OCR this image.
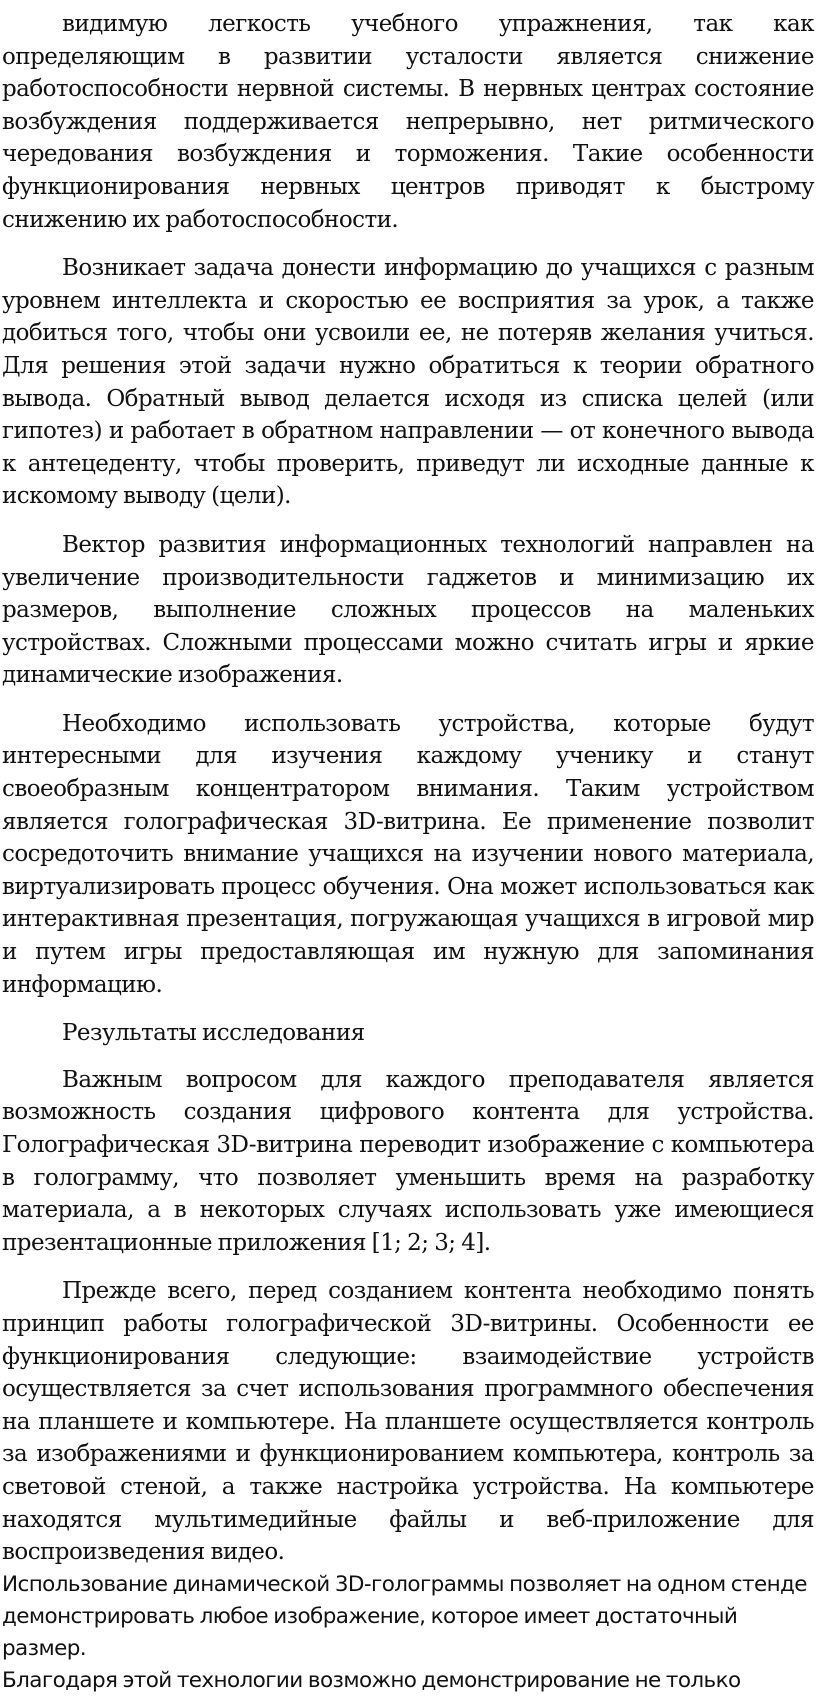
видимую легкость учебного упражнения, так как определяющим в развитии усталости является снижение работоспособности нервной системы. В нервных центрах состояние возбуждения поддерживается непрерывно, нет ритмического чередования возбуждения и торможения. Такие особенности функционирования нервных центров приводят к быстрому снижению их работоспособности.

Возникает задача донести информацию до учащихся с разным уровнем интеллекта и скоростью ее восприятия за урок, а также добиться того, чтобы они усвоили ее, не потеряв желания учиться. Для решения этой задачи нужно обратиться к теории обратного вывода. Обратный вывод делается исходя из списка целей (или гипотез) и работает в обратном направлении — от конечного вывода к антецеденту, чтобы проверить, приведут ли исходные данные к искомому выводу (цели).

Вектор развития информационных технологий направлен на увеличение производительности гаджетов и минимизацию их размеров, выполнение сложных процессов на маленьких устройствах. Сложными процессами можно считать игры и яркие динамические изображения.

Необходимо использовать устройства, которые будут интересными для изучения каждому ученику и станут своеобразным концентратором внимания. Таким устройством является голографическая 3D-витрина. Ее применение позволит сосредоточить внимание учащихся на изучении нового материала, виртуализировать процесс обучения. Она может использоваться как интерактивная презентация, погружающая учащихся в игровой мир и путем игры предоставляющая им нужную для запоминания информацию.

Результаты исследования

Важным вопросом для каждого преподавателя является возможность создания цифрового контента для устройства. Голографическая 3D-витрина переводит изображение с компьютера в голограмму, что позволяет уменьшить время на разработку материала, а в некоторых случаях использовать уже имеющиеся презентационные приложения [1; 2; 3; 4].

Прежде всего, перед созданием контента необходимо понять принцип работы голографической 3D-витрины. Особенности ее функционирования следующие: взаимодействие устройств осуществляется за счет использования программного обеспечения на планшете и компьютере. На планшете осуществляется контроль за изображениями и функционированием компьютера, контроль за световой стеной, а также настройка устройства. На компьютере находятся мультимедийные файлы и веб-приложение для воспроизведения видео.

Использование динамической 3D-голограммы позволяет на одном стенде

демонстрировать любое изображение, которое имеет достаточный размер.

Благодаря этой технологии возможно демонстрирование не только
